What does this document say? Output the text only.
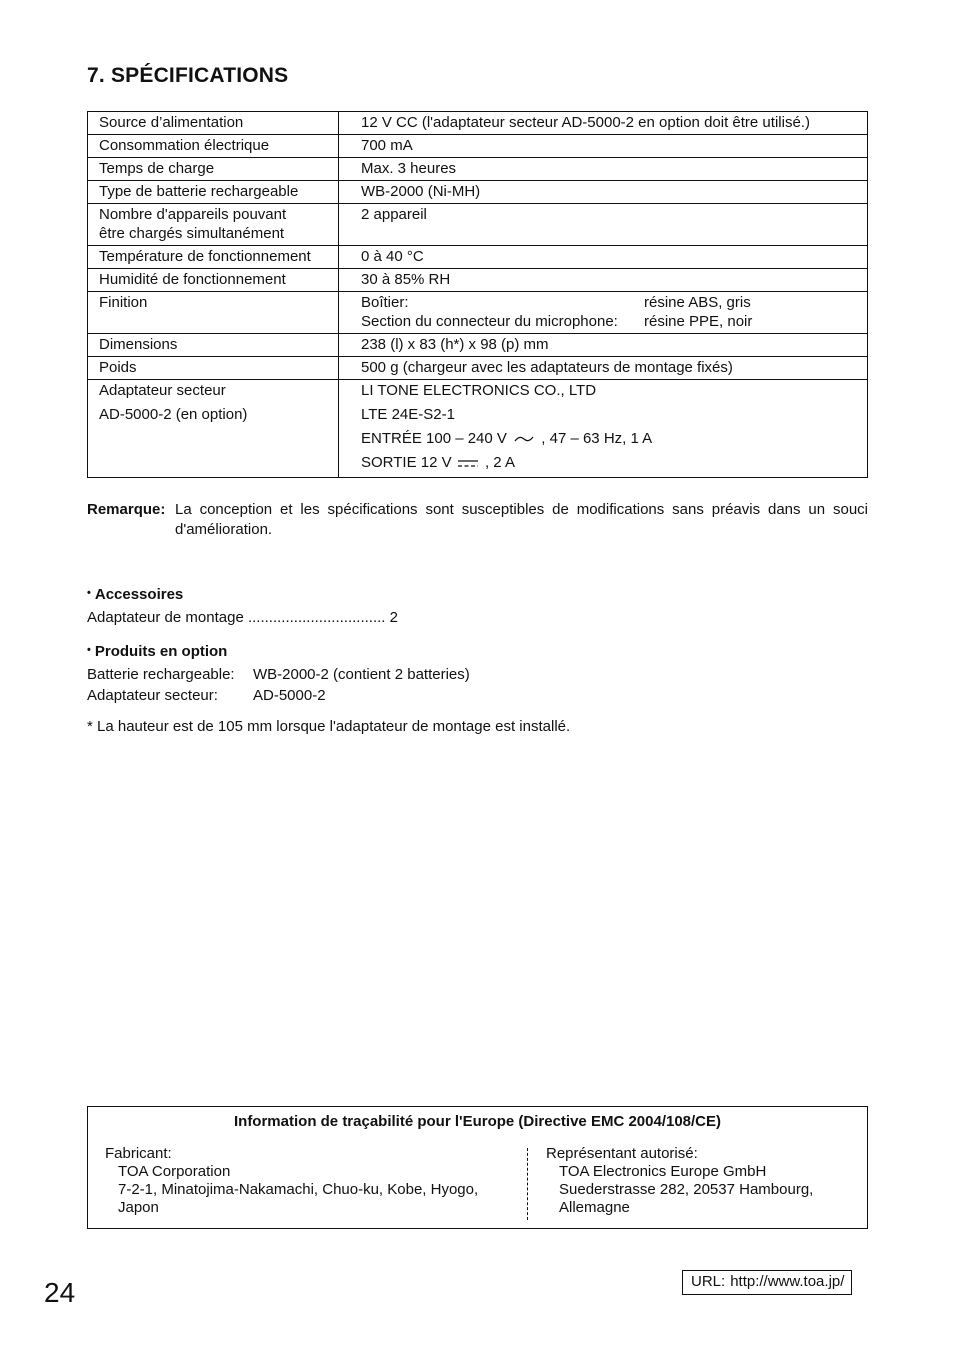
7. SPÉCIFICATIONS
Source d’alimentation	12 V CC (l'adaptateur secteur AD-5000-2 en option doit être utilisé.)
Consommation électrique	700 mA
Temps de charge	Max. 3 heures
Type de batterie rechargeable	WB-2000 (Ni-MH)

Nombre d'appareils pouvant
être chargés simultanément	2 appareil
Température de fonctionnement	0 à 40 °C
Humidité de fonctionnement	30 à 85% RH
Finition	Boîtier: résine ABS, gris
Section du connecteur du microphone: résine PPE, noir

Dimensions	238 (l) x 83 (h*) x 98 (p) mm
Poids	500 g (chargeur avec les adaptateurs de montage fixés)

Adaptateur secteur
AD-5000-2 (en option)	LI TONE ELECTRONICS CO., LTD
LTE 24E-S2-1
ENTRÉE 100 – 240 V , 47 – 63 Hz, 1 A
SORTIE 12 V , 2 A
Remarque: La conception et les spécifications sont susceptibles de modifications sans préavis dans un souci d'amélioration.
• Accessoires
Adaptateur de montage ................................. 2
• Produits en option
Batterie rechargeable:	WB-2000-2 (contient 2 batteries)
Adaptateur secteur:	AD-5000-2
* La hauteur est de 105 mm lorsque l'adaptateur de montage est installé.
Information de traçabilité pour l'Europe (Directive EMC 2004/108/CE)
Fabricant:
TOA Corporation
7-2-1, Minatojima-Nakamachi, Chuo-ku, Kobe, Hyogo,
Japon
Représentant autorisé:
TOA Electronics Europe GmbH
Suederstrasse 282, 20537 Hambourg,
Allemagne
24	URL: http://www.toa.jp/
